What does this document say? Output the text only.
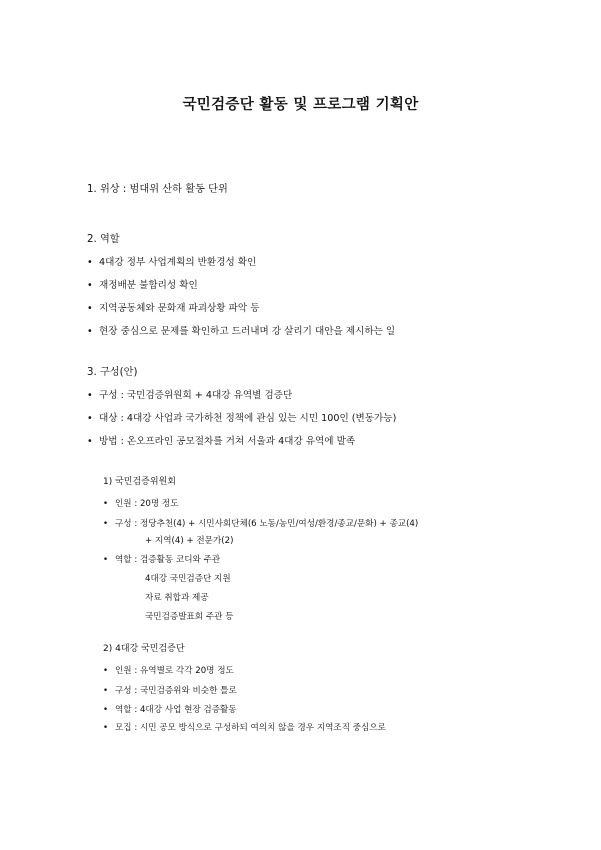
국민검증단 활동 및 프로그램 기획안
1. 위상 : 범대위 산하 활동 단위
2. 역할
• 4대강 정부 사업계획의 반환경성 확인
• 재정배분 불합리성 확인
• 지역공동체와 문화재 파괴상황 파악 등
• 현장 중심으로 문제를 확인하고 드러내며 강 살리기 대안을 제시하는 일
3. 구성(안)
• 구성 : 국민검증위원회 + 4대강 유역별 검증단
• 대상 : 4대강 사업과 국가하천 정책에 관심 있는 시민 100인 (변동가능)
• 방법 : 온오프라인 공모절차를 거쳐 서울과 4대강 유역에 발족
1) 국민검증위원회
• 인원 : 20명 정도
• 구성 : 정당추천(4) + 시민사회단체(6 노동/농민/여성/환경/종교/문화) + 종교(4)
+ 지역(4) + 전문가(2)
• 역할 : 검증활동 코디와 주관
4대강 국민검증단 지원
자료 취합과 제공
국민검증발표회 주관 등
2) 4대강 국민검증단
• 인원 : 유역별로 각각 20명 정도
• 구성 : 국민검증위와 비슷한 틀로
• 역할 : 4대강 사업 현장 검증활동
• 모집 : 시민 공모 방식으로 구성하되 여의치 않을 경우 지역조직 중심으로
